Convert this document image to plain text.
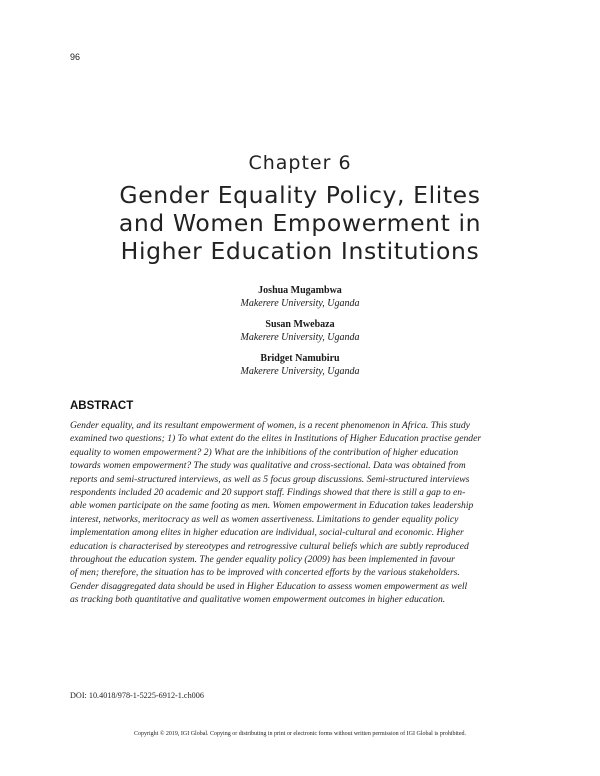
96
Chapter 6
Gender Equality Policy, Elites
and Women Empowerment in
Higher Education Institutions
Joshua Mugambwa
Makerere University, Uganda
Susan Mwebaza
Makerere University, Uganda
Bridget Namubiru
Makerere University, Uganda
ABSTRACT
Gender equality, and its resultant empowerment of women, is a recent phenomenon in Africa. This study
examined two questions; 1) To what extent do the elites in Institutions of Higher Education practise gender
equality to women empowerment? 2) What are the inhibitions of the contribution of higher education
towards women empowerment? The study was qualitative and cross-sectional. Data was obtained from
reports and semi-structured interviews, as well as 5 focus group discussions. Semi-structured interviews
respondents included 20 academic and 20 support staff. Findings showed that there is still a gap to en-
able women participate on the same footing as men. Women empowerment in Education takes leadership
interest, networks, meritocracy as well as women assertiveness. Limitations to gender equality policy
implementation among elites in higher education are individual, social-cultural and economic. Higher
education is characterised by stereotypes and retrogressive cultural beliefs which are subtly reproduced
throughout the education system. The gender equality policy (2009) has been implemented in favour
of men; therefore, the situation has to be improved with concerted efforts by the various stakeholders.
Gender disaggregated data should be used in Higher Education to assess women empowerment as well
as tracking both quantitative and qualitative women empowerment outcomes in higher education.
DOI: 10.4018/978-1-5225-6912-1.ch006
Copyright © 2019, IGI Global. Copying or distributing in print or electronic forms without written permission of IGI Global is prohibited.
